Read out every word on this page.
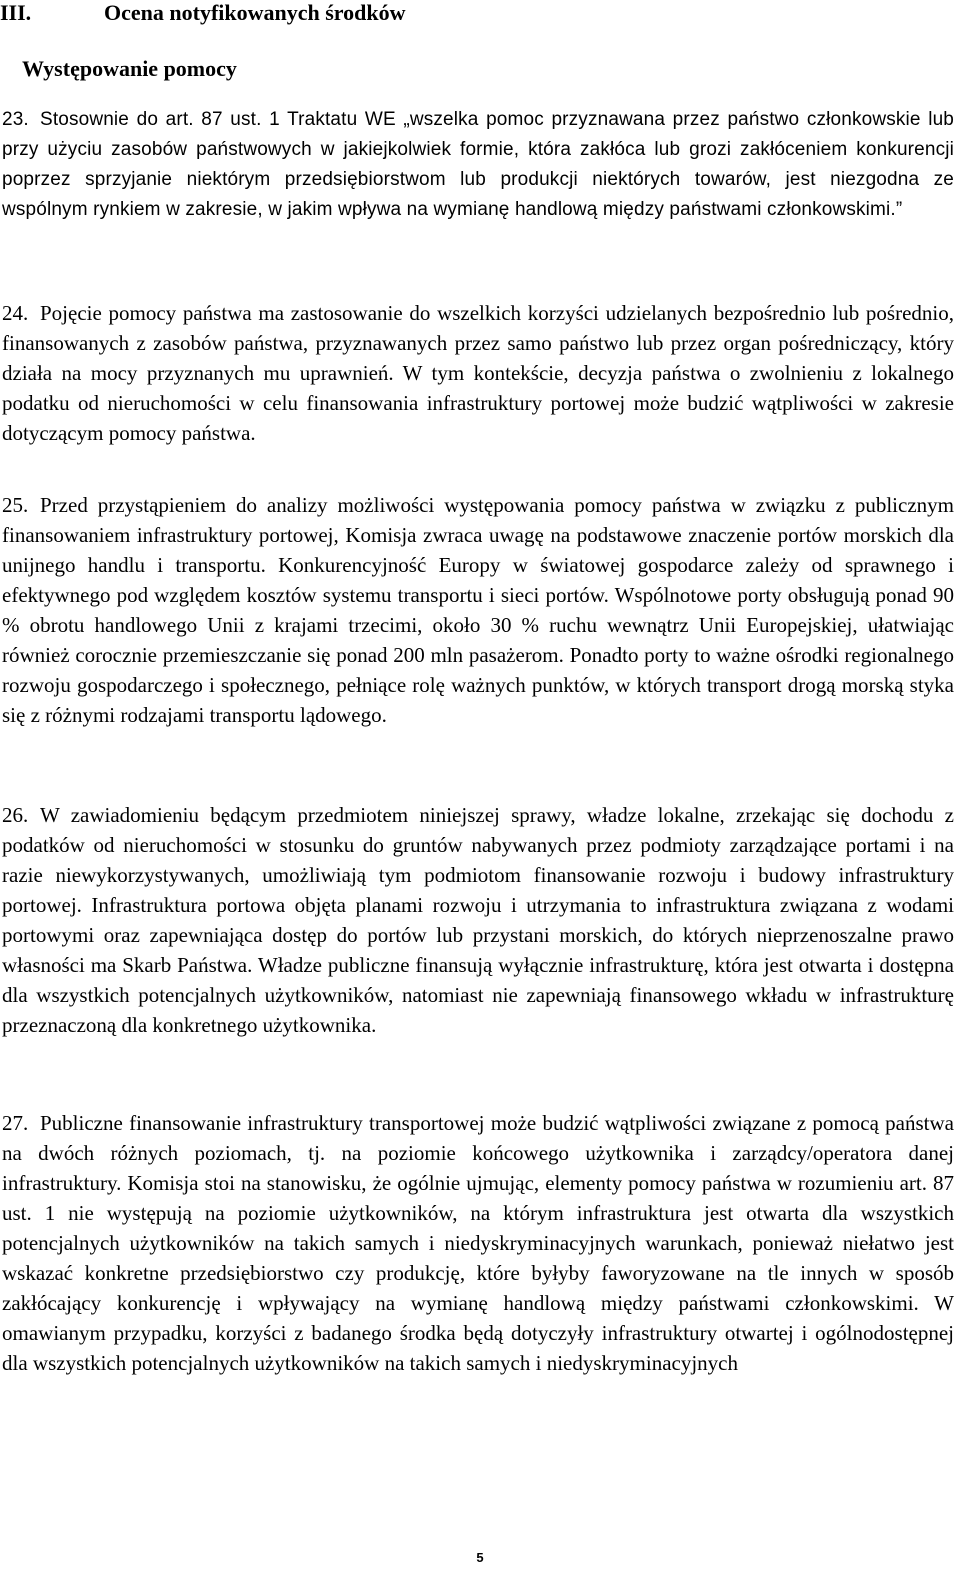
III.	Ocena notyfikowanych środków
Występowanie pomocy
23. Stosownie do art. 87 ust. 1 Traktatu WE „wszelka pomoc przyznawana przez państwo członkowskie lub przy użyciu zasobów państwowych w jakiejkolwiek formie, która zakłóca lub grozi zakłóceniem konkurencji poprzez sprzyjanie niektórym przedsiębiorstwom lub produkcji niektórych towarów, jest niezgodna ze wspólnym rynkiem w zakresie, w jakim wpływa na wymianę handlową między państwami członkowskimi.”
24. Pojęcie pomocy państwa ma zastosowanie do wszelkich korzyści udzielanych bezpośrednio lub pośrednio, finansowanych z zasobów państwa, przyznawanych przez samo państwo lub przez organ pośredniczący, który działa na mocy przyznanych mu uprawnień. W tym kontekście, decyzja państwa o zwolnieniu z lokalnego podatku od nieruchomości w celu finansowania infrastruktury portowej może budzić wątpliwości w zakresie dotyczącym pomocy państwa.
25. Przed przystąpieniem do analizy możliwości występowania pomocy państwa w związku z publicznym finansowaniem infrastruktury portowej, Komisja zwraca uwagę na podstawowe znaczenie portów morskich dla unijnego handlu i transportu. Konkurencyjność Europy w światowej gospodarce zależy od sprawnego i efektywnego pod względem kosztów systemu transportu i sieci portów. Wspólnotowe porty obsługują ponad 90 % obrotu handlowego Unii z krajami trzecimi, około 30 % ruchu wewnątrz Unii Europejskiej, ułatwiając również corocznie przemieszczanie się ponad 200 mln pasażerom. Ponadto porty to ważne ośrodki regionalnego rozwoju gospodarczego i społecznego, pełniące rolę ważnych punktów, w których transport drogą morską styka się z różnymi rodzajami transportu lądowego.
26. W zawiadomieniu będącym przedmiotem niniejszej sprawy, władze lokalne, zrzekając się dochodu z podatków od nieruchomości w stosunku do gruntów nabywanych przez podmioty zarządzające portami i na razie niewykorzystywanych, umożliwiają tym podmiotom finansowanie rozwoju i budowy infrastruktury portowej. Infrastruktura portowa objęta planami rozwoju i utrzymania to infrastruktura związana z wodami portowymi oraz zapewniająca dostęp do portów lub przystani morskich, do których nieprzenoszalne prawo własności ma Skarb Państwa. Władze publiczne finansują wyłącznie infrastrukturę, która jest otwarta i dostępna dla wszystkich potencjalnych użytkowników, natomiast nie zapewniają finansowego wkładu w infrastrukturę przeznaczoną dla konkretnego użytkownika.
27. Publiczne finansowanie infrastruktury transportowej może budzić wątpliwości związane z pomocą państwa na dwóch różnych poziomach, tj. na poziomie końcowego użytkownika i zarządcy/operatora danej infrastruktury. Komisja stoi na stanowisku, że ogólnie ujmując, elementy pomocy państwa w rozumieniu art. 87 ust. 1 nie występują na poziomie użytkowników, na którym infrastruktura jest otwarta dla wszystkich potencjalnych użytkowników na takich samych i niedyskryminacyjnych warunkach, ponieważ niełatwo jest wskazać konkretne przedsiębiorstwo czy produkcję, które byłyby faworyzowane na tle innych w sposób zakłócający konkurencję i wpływający na wymianę handlową między państwami członkowskimi. W omawianym przypadku, korzyści z badanego środka będą dotyczyły infrastruktury otwartej i ogólnodostępnej dla wszystkich potencjalnych użytkowników na takich samych i niedyskryminacyjnych
5
